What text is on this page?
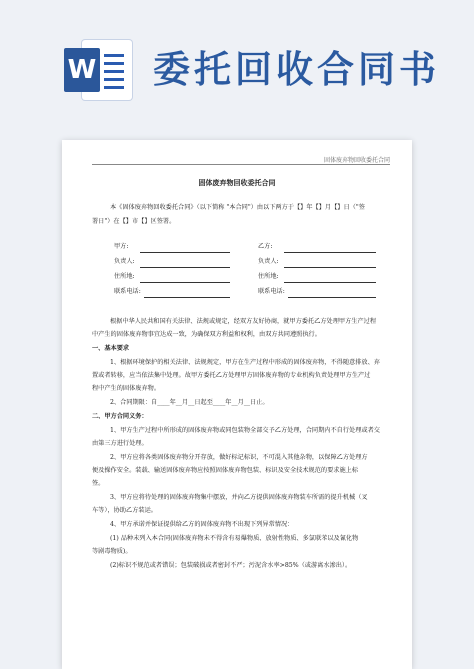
W 委托回收合同书
固体废弃物回收委托合同
固体废弃物回收委托合同
本《固体废弃物回收委托合同》（以下简称 "本合同"）由以下两方于【】年【】月【】日（"签
署日"）在【】市【】区签署。
甲方:	乙方:
负责人:	负责人:
住所地:	住所地:
联系电话:	联系电话:
根据中华人民共和国有关法律、法规或规定，经双方友好协商，就甲方委托乙方处理甲方生产过程
中产生的固体废弃物事宜达成一致，为确保双方利益和权利，由双方共同遵照执行。
一、基本要求
1、根据环境保护的相关法律、法规规定，甲方在生产过程中形成的固体废弃物，不得随意排放、弃
置或者转移，应当依法集中处理。故甲方委托乙方处理甲方固体废弃物的专业机构负责处理甲方生产过
程中产生的固体废弃物。
2、合同期限：自____年__月__日起至____年__月__日止。
二、甲方合同义务：
1、甲方生产过程中所形成的固体废弃物或同包装物全部交予乙方处理，合同期内不自行处理或者交
由第三方进行处理。
2、甲方应将各类固体废弃物分开存放，做好标记标识，不可混入其他杂物，以保障乙方处理方
便及操作安全。装载、输送固体废弃物应按照固体废弃物包装、标识及安全技术规范的要求施上标
签。
3、甲方应将待处理的固体废弃物集中摆放，并向乙方提供固体废弃物装车所需的提升机械（叉
车等），协助乙方装运。
4、甲方承诺并保证提供给乙方的固体废弃物不出现下列异常情况：
(1) 品种未列入本合同(固体废弃物未不得含有易爆物质、放射性物质、多氯联苯以及氰化物
等剧毒物质)。
(2)标识不规范或者错误；包装破损或者密封不严；污泥含水率>85%（或游离水渗出）。
